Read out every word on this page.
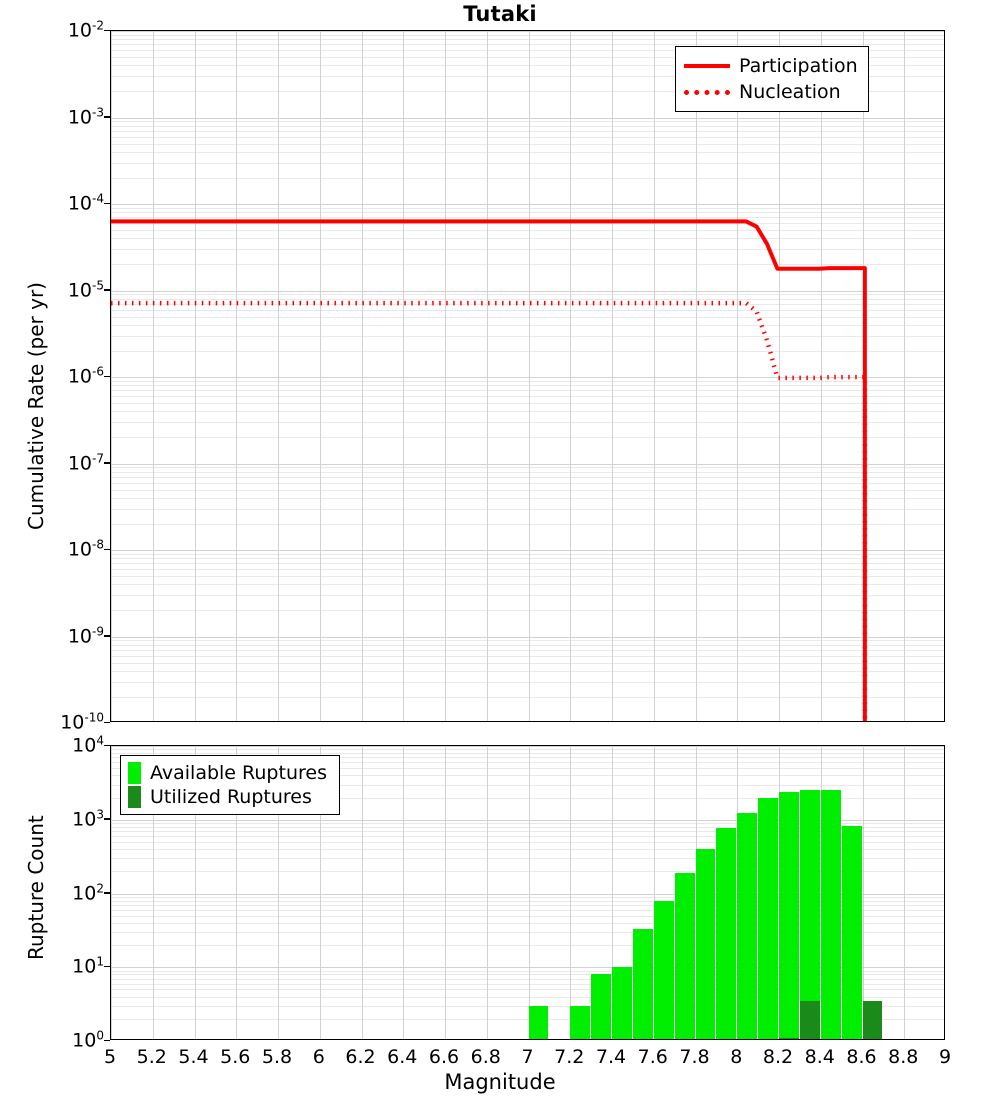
Tutaki
Cumulative Rate (per yr)
Rupture Count
Magnitude
$10^{-2}$
$10^{-3}$
$10^{-4}$
$10^{-5}$
$10^{-6}$
$10^{-7}$
$10^{-8}$
$10^{-9}$
$10^{-10}$
Participation
Nucleation
$10^4$
$10^3$
$10^2$
$10^1$
$10^0$
Available Ruptures
Utilized Ruptures
5 5.2 5.4 5.6 5.8 6 6.2 6.4 6.6 6.8 7 7.2 7.4 7.6 7.8 8 8.2 8.4 8.6 8.8 9
